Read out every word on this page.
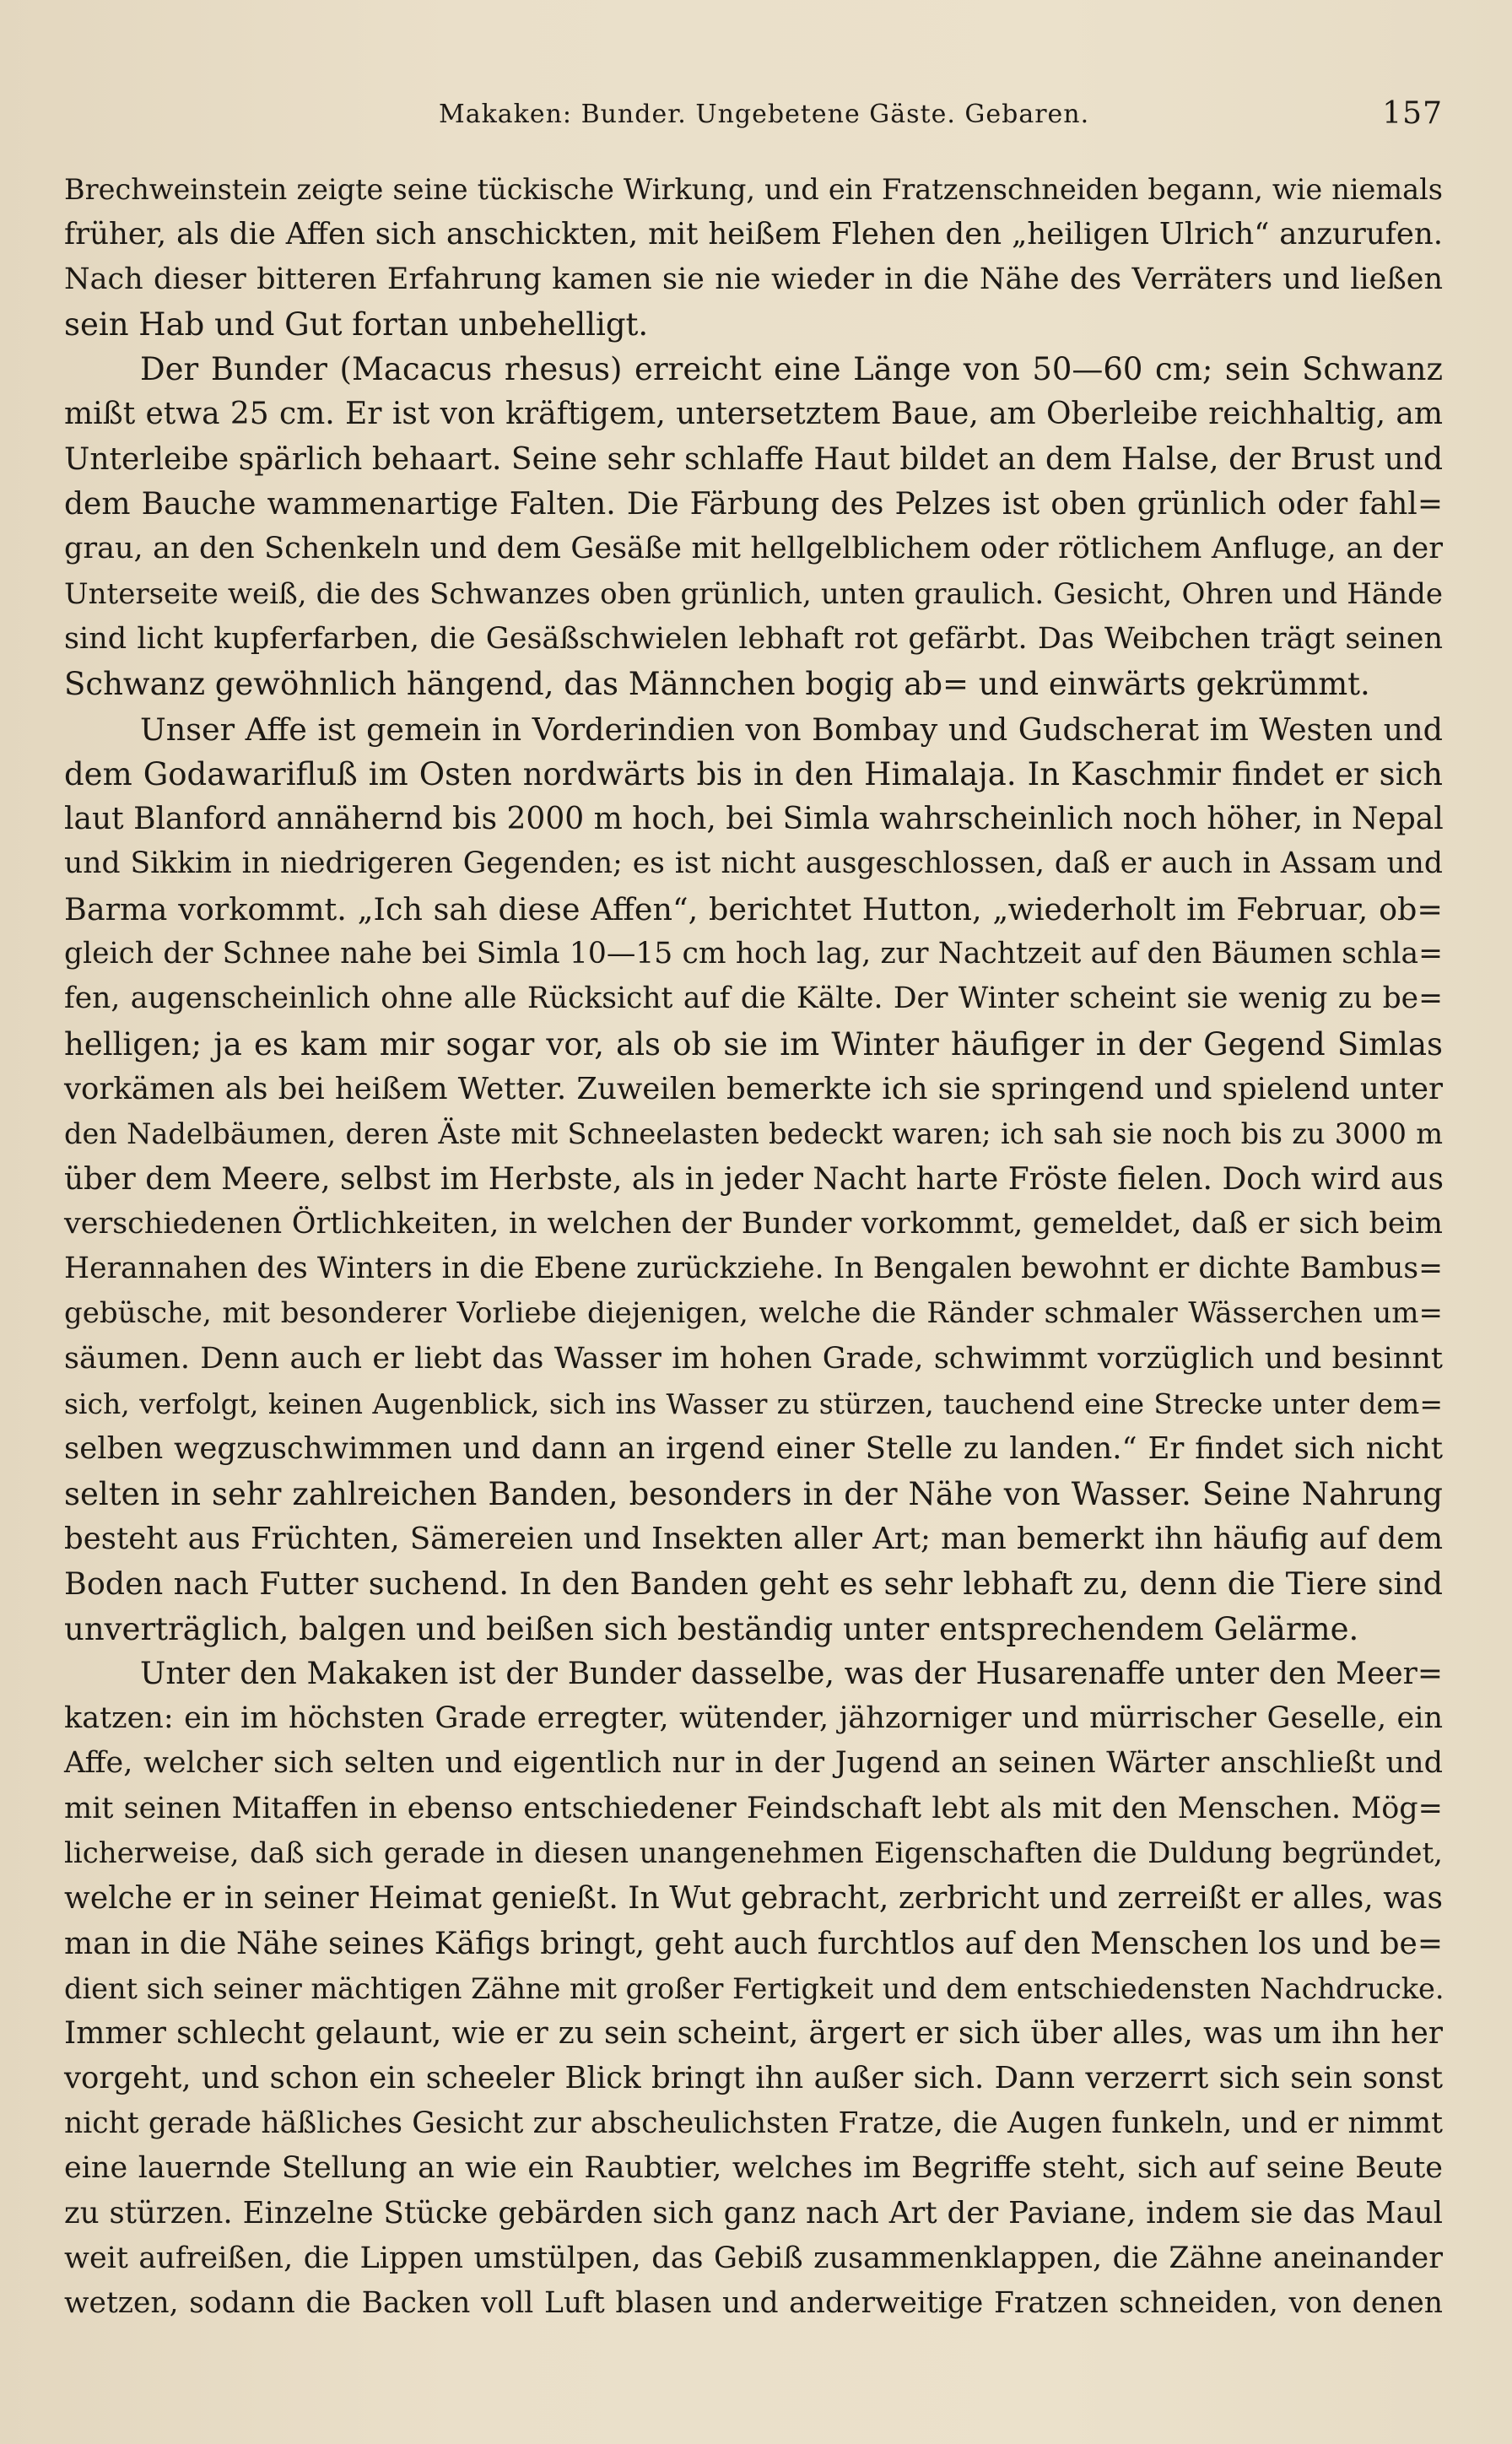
Makaken: Bunder. Ungebetene Gäste. Gebaren.	157
Brechweinstein zeigte seine tückische Wirkung, und ein Fratzenschneiden begann, wie niemals
früher, als die Affen sich anschickten, mit heißem Flehen den „heiligen Ulrich“ anzurufen.
Nach dieser bitteren Erfahrung kamen sie nie wieder in die Nähe des Verräters und ließen
sein Hab und Gut fortan unbehelligt.
Der Bunder (Macacus rhesus) erreicht eine Länge von 50—60 cm; sein Schwanz
mißt etwa 25 cm. Er ist von kräftigem, untersetztem Baue, am Oberleibe reichhaltig, am
Unterleibe spärlich behaart. Seine sehr schlaffe Haut bildet an dem Halse, der Brust und
dem Bauche wammenartige Falten. Die Färbung des Pelzes ist oben grünlich oder fahl=
grau, an den Schenkeln und dem Gesäße mit hellgelblichem oder rötlichem Anfluge, an der
Unterseite weiß, die des Schwanzes oben grünlich, unten graulich. Gesicht, Ohren und Hände
sind licht kupferfarben, die Gesäßschwielen lebhaft rot gefärbt. Das Weibchen trägt seinen
Schwanz gewöhnlich hängend, das Männchen bogig ab= und einwärts gekrümmt.
Unser Affe ist gemein in Vorderindien von Bombay und Gudscherat im Westen und
dem Godawarifluß im Osten nordwärts bis in den Himalaja. In Kaschmir findet er sich
laut Blanford annähernd bis 2000 m hoch, bei Simla wahrscheinlich noch höher, in Nepal
und Sikkim in niedrigeren Gegenden; es ist nicht ausgeschlossen, daß er auch in Assam und
Barma vorkommt. „Ich sah diese Affen“, berichtet Hutton, „wiederholt im Februar, ob=
gleich der Schnee nahe bei Simla 10—15 cm hoch lag, zur Nachtzeit auf den Bäumen schla=
fen, augenscheinlich ohne alle Rücksicht auf die Kälte. Der Winter scheint sie wenig zu be=
helligen; ja es kam mir sogar vor, als ob sie im Winter häufiger in der Gegend Simlas
vorkämen als bei heißem Wetter. Zuweilen bemerkte ich sie springend und spielend unter
den Nadelbäumen, deren Äste mit Schneelasten bedeckt waren; ich sah sie noch bis zu 3000 m
über dem Meere, selbst im Herbste, als in jeder Nacht harte Fröste fielen. Doch wird aus
verschiedenen Örtlichkeiten, in welchen der Bunder vorkommt, gemeldet, daß er sich beim
Herannahen des Winters in die Ebene zurückziehe. In Bengalen bewohnt er dichte Bambus=
gebüsche, mit besonderer Vorliebe diejenigen, welche die Ränder schmaler Wässerchen um=
säumen. Denn auch er liebt das Wasser im hohen Grade, schwimmt vorzüglich und besinnt
sich, verfolgt, keinen Augenblick, sich ins Wasser zu stürzen, tauchend eine Strecke unter dem=
selben wegzuschwimmen und dann an irgend einer Stelle zu landen.“ Er findet sich nicht
selten in sehr zahlreichen Banden, besonders in der Nähe von Wasser. Seine Nahrung
besteht aus Früchten, Sämereien und Insekten aller Art; man bemerkt ihn häufig auf dem
Boden nach Futter suchend. In den Banden geht es sehr lebhaft zu, denn die Tiere sind
unverträglich, balgen und beißen sich beständig unter entsprechendem Gelärme.
Unter den Makaken ist der Bunder dasselbe, was der Husarenaffe unter den Meer=
katzen: ein im höchsten Grade erregter, wütender, jähzorniger und mürrischer Geselle, ein
Affe, welcher sich selten und eigentlich nur in der Jugend an seinen Wärter anschließt und
mit seinen Mitaffen in ebenso entschiedener Feindschaft lebt als mit den Menschen. Mög=
licherweise, daß sich gerade in diesen unangenehmen Eigenschaften die Duldung begründet,
welche er in seiner Heimat genießt. In Wut gebracht, zerbricht und zerreißt er alles, was
man in die Nähe seines Käfigs bringt, geht auch furchtlos auf den Menschen los und be=
dient sich seiner mächtigen Zähne mit großer Fertigkeit und dem entschiedensten Nachdrucke.
Immer schlecht gelaunt, wie er zu sein scheint, ärgert er sich über alles, was um ihn her
vorgeht, und schon ein scheeler Blick bringt ihn außer sich. Dann verzerrt sich sein sonst
nicht gerade häßliches Gesicht zur abscheulichsten Fratze, die Augen funkeln, und er nimmt
eine lauernde Stellung an wie ein Raubtier, welches im Begriffe steht, sich auf seine Beute
zu stürzen. Einzelne Stücke gebärden sich ganz nach Art der Paviane, indem sie das Maul
weit aufreißen, die Lippen umstülpen, das Gebiß zusammenklappen, die Zähne aneinander
wetzen, sodann die Backen voll Luft blasen und anderweitige Fratzen schneiden, von denen
